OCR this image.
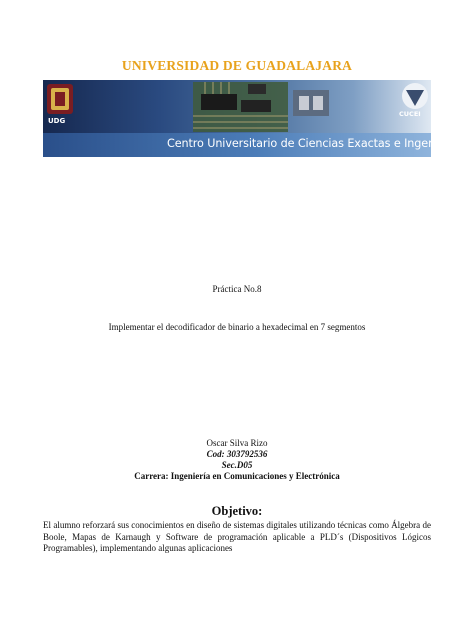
UNIVERSIDAD DE GUADALAJARA
UDG
CUCEI
Centro Universitario de Ciencias Exactas e Ingenierías
Práctica No.8
Implementar el decodificador de binario a hexadecimal en 7 segmentos
Oscar Silva Rizo
Cod: 303792536
Sec.D05
Carrera: Ingeniería en Comunicaciones y Electrónica
Objetivo:
El alumno reforzará sus conocimientos en diseño de sistemas digitales utilizando técnicas como Álgebra de Boole, Mapas de Karnaugh y Software de programación aplicable a PLD´s (Dispositivos Lógicos Programables), implementando algunas aplicaciones
